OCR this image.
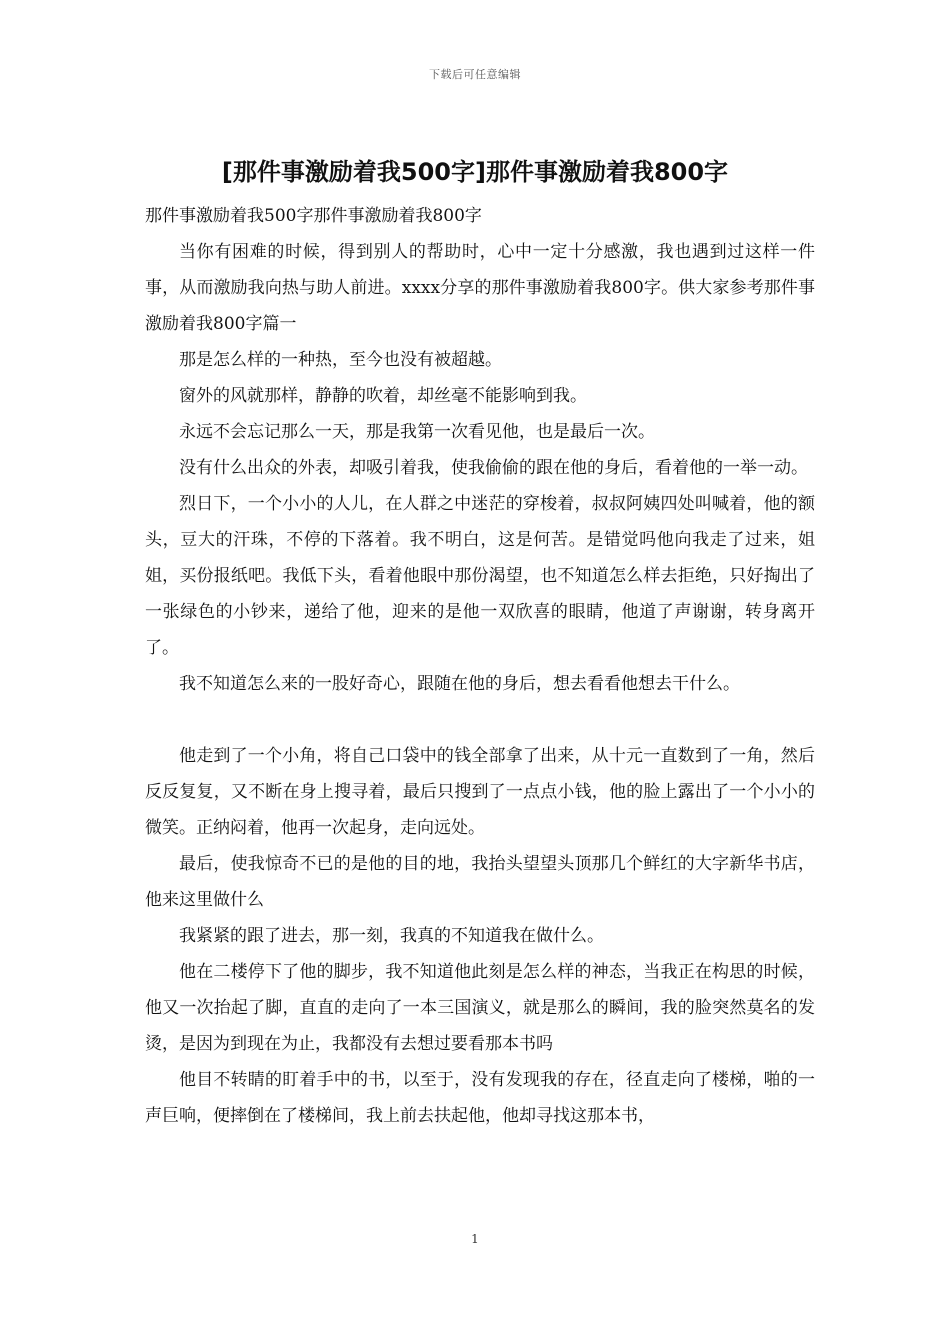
下载后可任意编辑
[那件事激励着我500字]那件事激励着我800字

那件事激励着我500字那件事激励着我800字

当你有困难的时候，得到别人的帮助时，心中一定十分感激，我也遇到过这样一件事，从而激励我向热与助人前进。xxxx分享的那件事激励着我800字。供大家参考那件事激励着我800字篇一

那是怎么样的一种热，至今也没有被超越。

窗外的风就那样，静静的吹着，却丝毫不能影响到我。

永远不会忘记那么一天，那是我第一次看见他，也是最后一次。

没有什么出众的外表，却吸引着我，使我偷偷的跟在他的身后，看着他的一举一动。

烈日下，一个小小的人儿，在人群之中迷茫的穿梭着，叔叔阿姨四处叫喊着，他的额头，豆大的汗珠，不停的下落着。我不明白，这是何苦。是错觉吗他向我走了过来，姐姐，买份报纸吧。我低下头，看着他眼中那份渴望，也不知道怎么样去拒绝，只好掏出了一张绿色的小钞来，递给了他，迎来的是他一双欣喜的眼睛，他道了声谢谢，转身离开了。

我不知道怎么来的一股好奇心，跟随在他的身后，想去看看他想去干什么。

他走到了一个小角，将自己口袋中的钱全部拿了出来，从十元一直数到了一角，然后反反复复，又不断在身上搜寻着，最后只搜到了一点点小钱，他的脸上露出了一个小小的微笑。正纳闷着，他再一次起身，走向远处。

最后，使我惊奇不已的是他的目的地，我抬头望望头顶那几个鲜红的大字新华书店，他来这里做什么

我紧紧的跟了进去，那一刻，我真的不知道我在做什么。

他在二楼停下了他的脚步，我不知道他此刻是怎么样的神态，当我正在构思的时候，他又一次抬起了脚，直直的走向了一本三国演义，就是那么的瞬间，我的脸突然莫名的发烫，是因为到现在为止，我都没有去想过要看那本书吗

他目不转睛的盯着手中的书，以至于，没有发现我的存在，径直走向了楼梯，啪的一声巨响，便摔倒在了楼梯间，我上前去扶起他，他却寻找这那本书，

1
